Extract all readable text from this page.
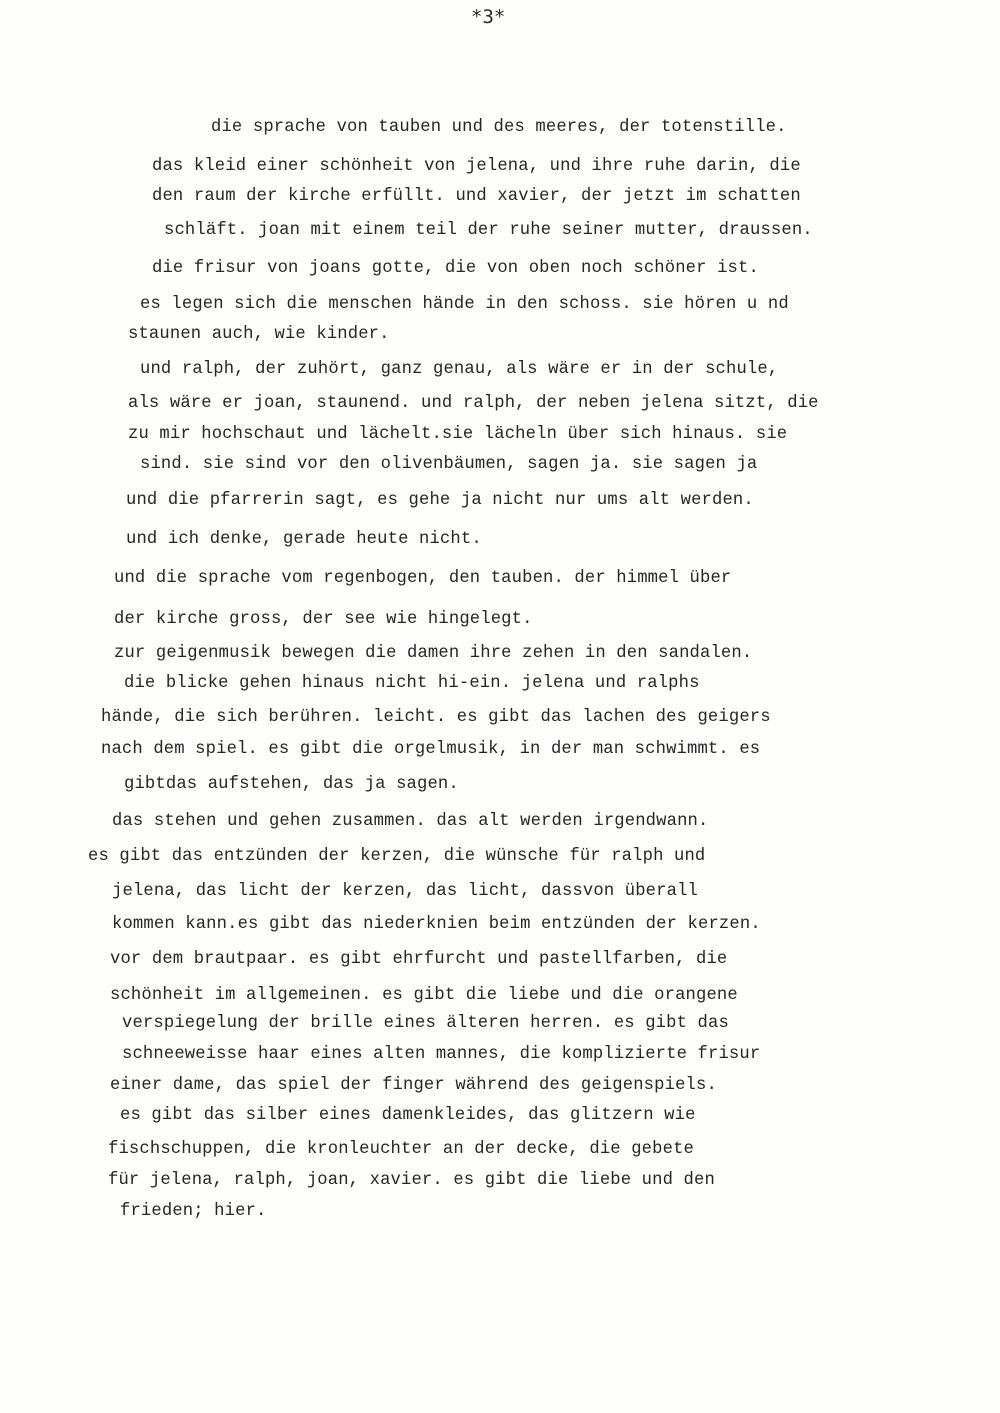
*3*
die sprache von tauben und des meeres, der totenstille.
das kleid einer schönheit von jelena, und ihre ruhe darin, die
den raum der kirche erfüllt. und xavier, der jetzt im schatten
schläft. joan mit einem teil der ruhe seiner mutter, draussen.
die frisur von joans gotte, die von oben noch schöner ist.
es legen sich die menschen hände in den schoss. sie hören u nd
staunen auch, wie kinder.
und ralph, der zuhört, ganz genau, als wäre er in der schule,
als wäre er joan, staunend. und ralph, der neben jelena sitzt, die
zu mir hochschaut und lächelt.sie lächeln über sich hinaus. sie
sind. sie sind vor den olivenbäumen, sagen ja. sie sagen ja
und die pfarrerin sagt, es gehe ja nicht nur ums alt werden.
und ich denke, gerade heute nicht.
und die sprache vom regenbogen, den tauben. der himmel über
der kirche gross, der see wie hingelegt.
zur geigenmusik bewegen die damen ihre zehen in den sandalen.
die blicke gehen hinaus nicht hi-ein. jelena und ralphs
hände, die sich berühren. leicht. es gibt das lachen des geigers
nach dem spiel. es gibt die orgelmusik, in der man schwimmt. es
gibtdas aufstehen, das ja sagen.
das stehen und gehen zusammen. das alt werden irgendwann.
es gibt das entzünden der kerzen, die wünsche für ralph und
jelena, das licht der kerzen, das licht, dassvon überall
kommen kann.es gibt das niederknien beim entzünden der kerzen.
vor dem brautpaar. es gibt ehrfurcht und pastellfarben, die
schönheit im allgemeinen. es gibt die liebe und die orangene
verspiegelung der brille eines älteren herren. es gibt das
schneeweisse haar eines alten mannes, die komplizierte frisur
einer dame, das spiel der finger während des geigenspiels.
es gibt das silber eines damenkleides, das glitzern wie
fischschuppen, die kronleuchter an der decke, die gebete
für jelena, ralph, joan, xavier. es gibt die liebe und den
frieden; hier.
